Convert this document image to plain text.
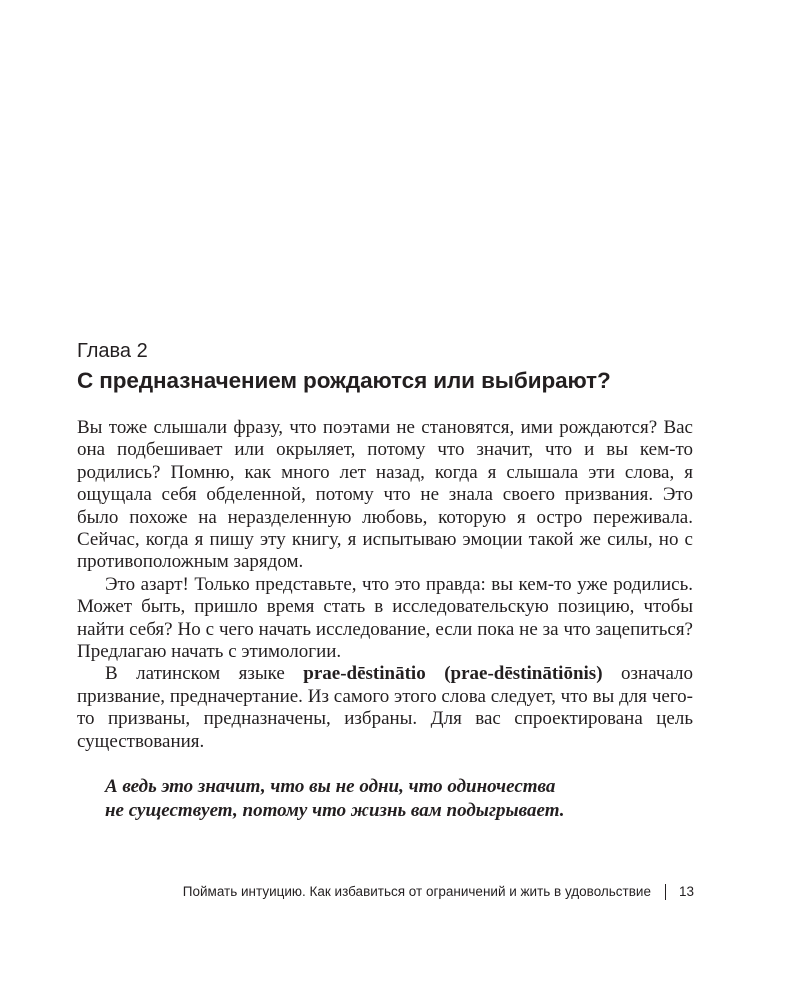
Глава 2
С предназначением рождаются или выбирают?

Вы тоже слышали фразу, что поэтами не становятся, ими рождаются? Вас она подбешивает или окрыляет, потому что значит, что и вы кем-то родились? Помню, как много лет назад, когда я слышала эти слова, я ощущала себя обделенной, потому что не знала своего призвания. Это было похоже на неразделенную любовь, которую я остро переживала. Сейчас, когда я пишу эту книгу, я испытываю эмоции такой же силы, но с противоположным зарядом.

Это азарт! Только представьте, что это правда: вы кем-то уже родились. Может быть, пришло время стать в исследовательскую позицию, чтобы найти себя? Но с чего начать исследование, если пока не за что зацепиться? Предлагаю начать с этимологии.

В латинском языке prae-dēstinātio (prae-dēstinātiōnis) означало призвание, предначертание. Из самого этого слова следует, что вы для чего-то призваны, предназначены, избраны. Для вас спроектирована цель существования.

А ведь это значит, что вы не одни, что одиночества
не существует, потому что жизнь вам подыгрывает.
Поймать интуицию. Как избавиться от ограничений и жить в удовольствие 13
